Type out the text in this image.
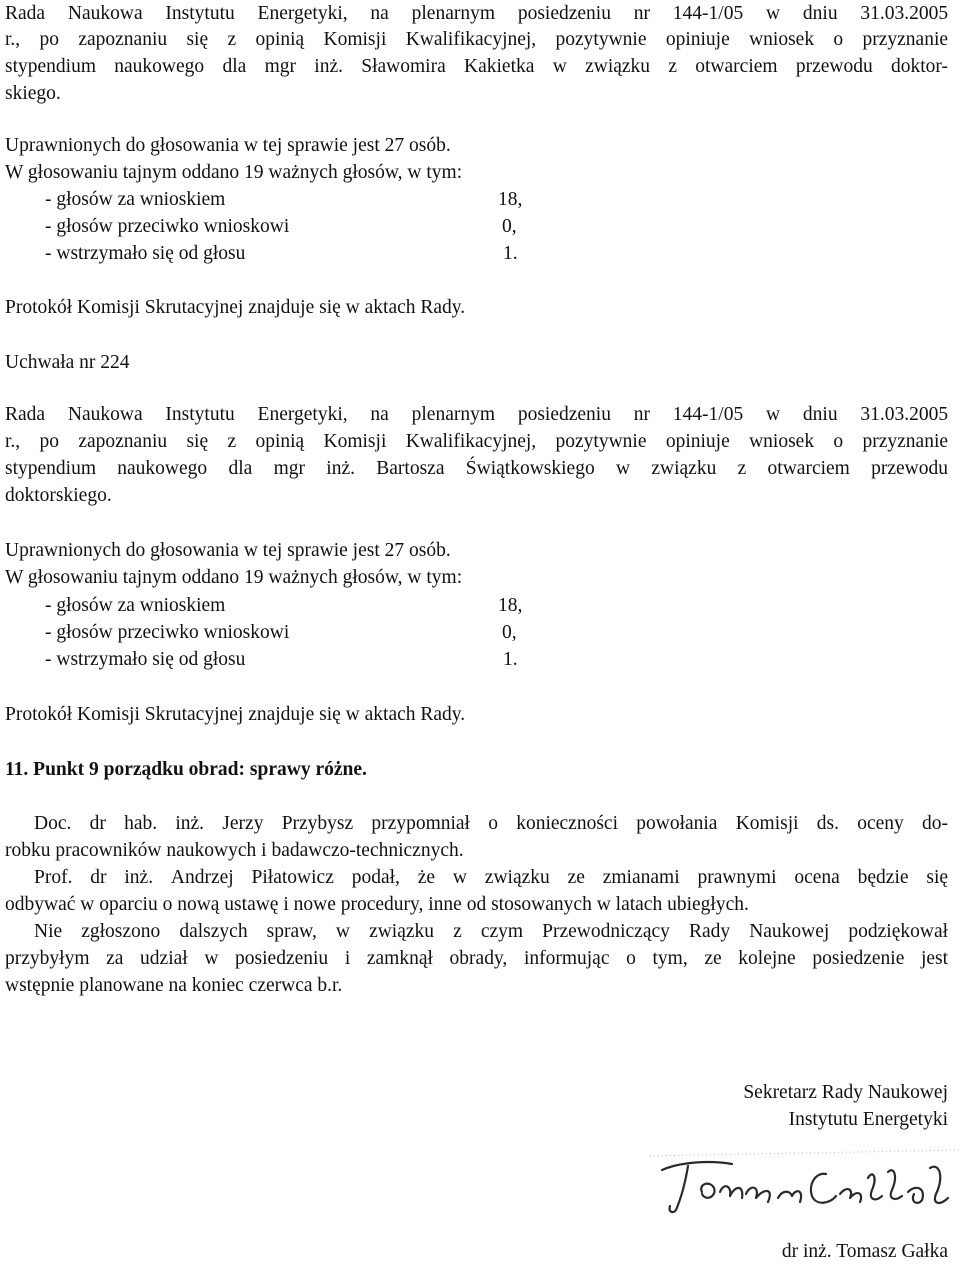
Rada Naukowa Instytutu Energetyki, na plenarnym posiedzeniu nr 144-1/05 w dniu 31.03.2005
r., po zapoznaniu się z opinią Komisji Kwalifikacyjnej, pozytywnie opiniuje wniosek o przyznanie
stypendium naukowego dla mgr inż. Sławomira Kakietka w związku z otwarciem przewodu doktor-
skiego.
Uprawnionych do głosowania w tej sprawie jest 27 osób.
W głosowaniu tajnym oddano 19 ważnych głosów, w tym:
- głosów za wnioskiem	18,
- głosów przeciwko wnioskowi	0,
- wstrzymało się od głosu	1.
Protokół Komisji Skrutacyjnej znajduje się w aktach Rady.
Uchwała nr 224
Rada Naukowa Instytutu Energetyki, na plenarnym posiedzeniu nr 144-1/05 w dniu 31.03.2005
r., po zapoznaniu się z opinią Komisji Kwalifikacyjnej, pozytywnie opiniuje wniosek o przyznanie
stypendium naukowego dla mgr inż. Bartosza Świątkowskiego w związku z otwarciem przewodu
doktorskiego.
Uprawnionych do głosowania w tej sprawie jest 27 osób.
W głosowaniu tajnym oddano 19 ważnych głosów, w tym:
- głosów za wnioskiem	18,
- głosów przeciwko wnioskowi	0,
- wstrzymało się od głosu	1.
Protokół Komisji Skrutacyjnej znajduje się w aktach Rady.
11. Punkt 9 porządku obrad: sprawy różne.
Doc. dr hab. inż. Jerzy Przybysz przypomniał o konieczności powołania Komisji ds. oceny do-
robku pracowników naukowych i badawczo-technicznych.
Prof. dr inż. Andrzej Piłatowicz podał, że w związku ze zmianami prawnymi ocena będzie się
odbywać w oparciu o nową ustawę i nowe procedury, inne od stosowanych w latach ubiegłych.
Nie zgłoszono dalszych spraw, w związku z czym Przewodniczący Rady Naukowej podziękował
przybyłym za udział w posiedzeniu i zamknął obrady, informując o tym, ze kolejne posiedzenie jest
wstępnie planowane na koniec czerwca b.r.
Sekretarz Rady Naukowej
Instytutu Energetyki
dr inż. Tomasz Gałka
